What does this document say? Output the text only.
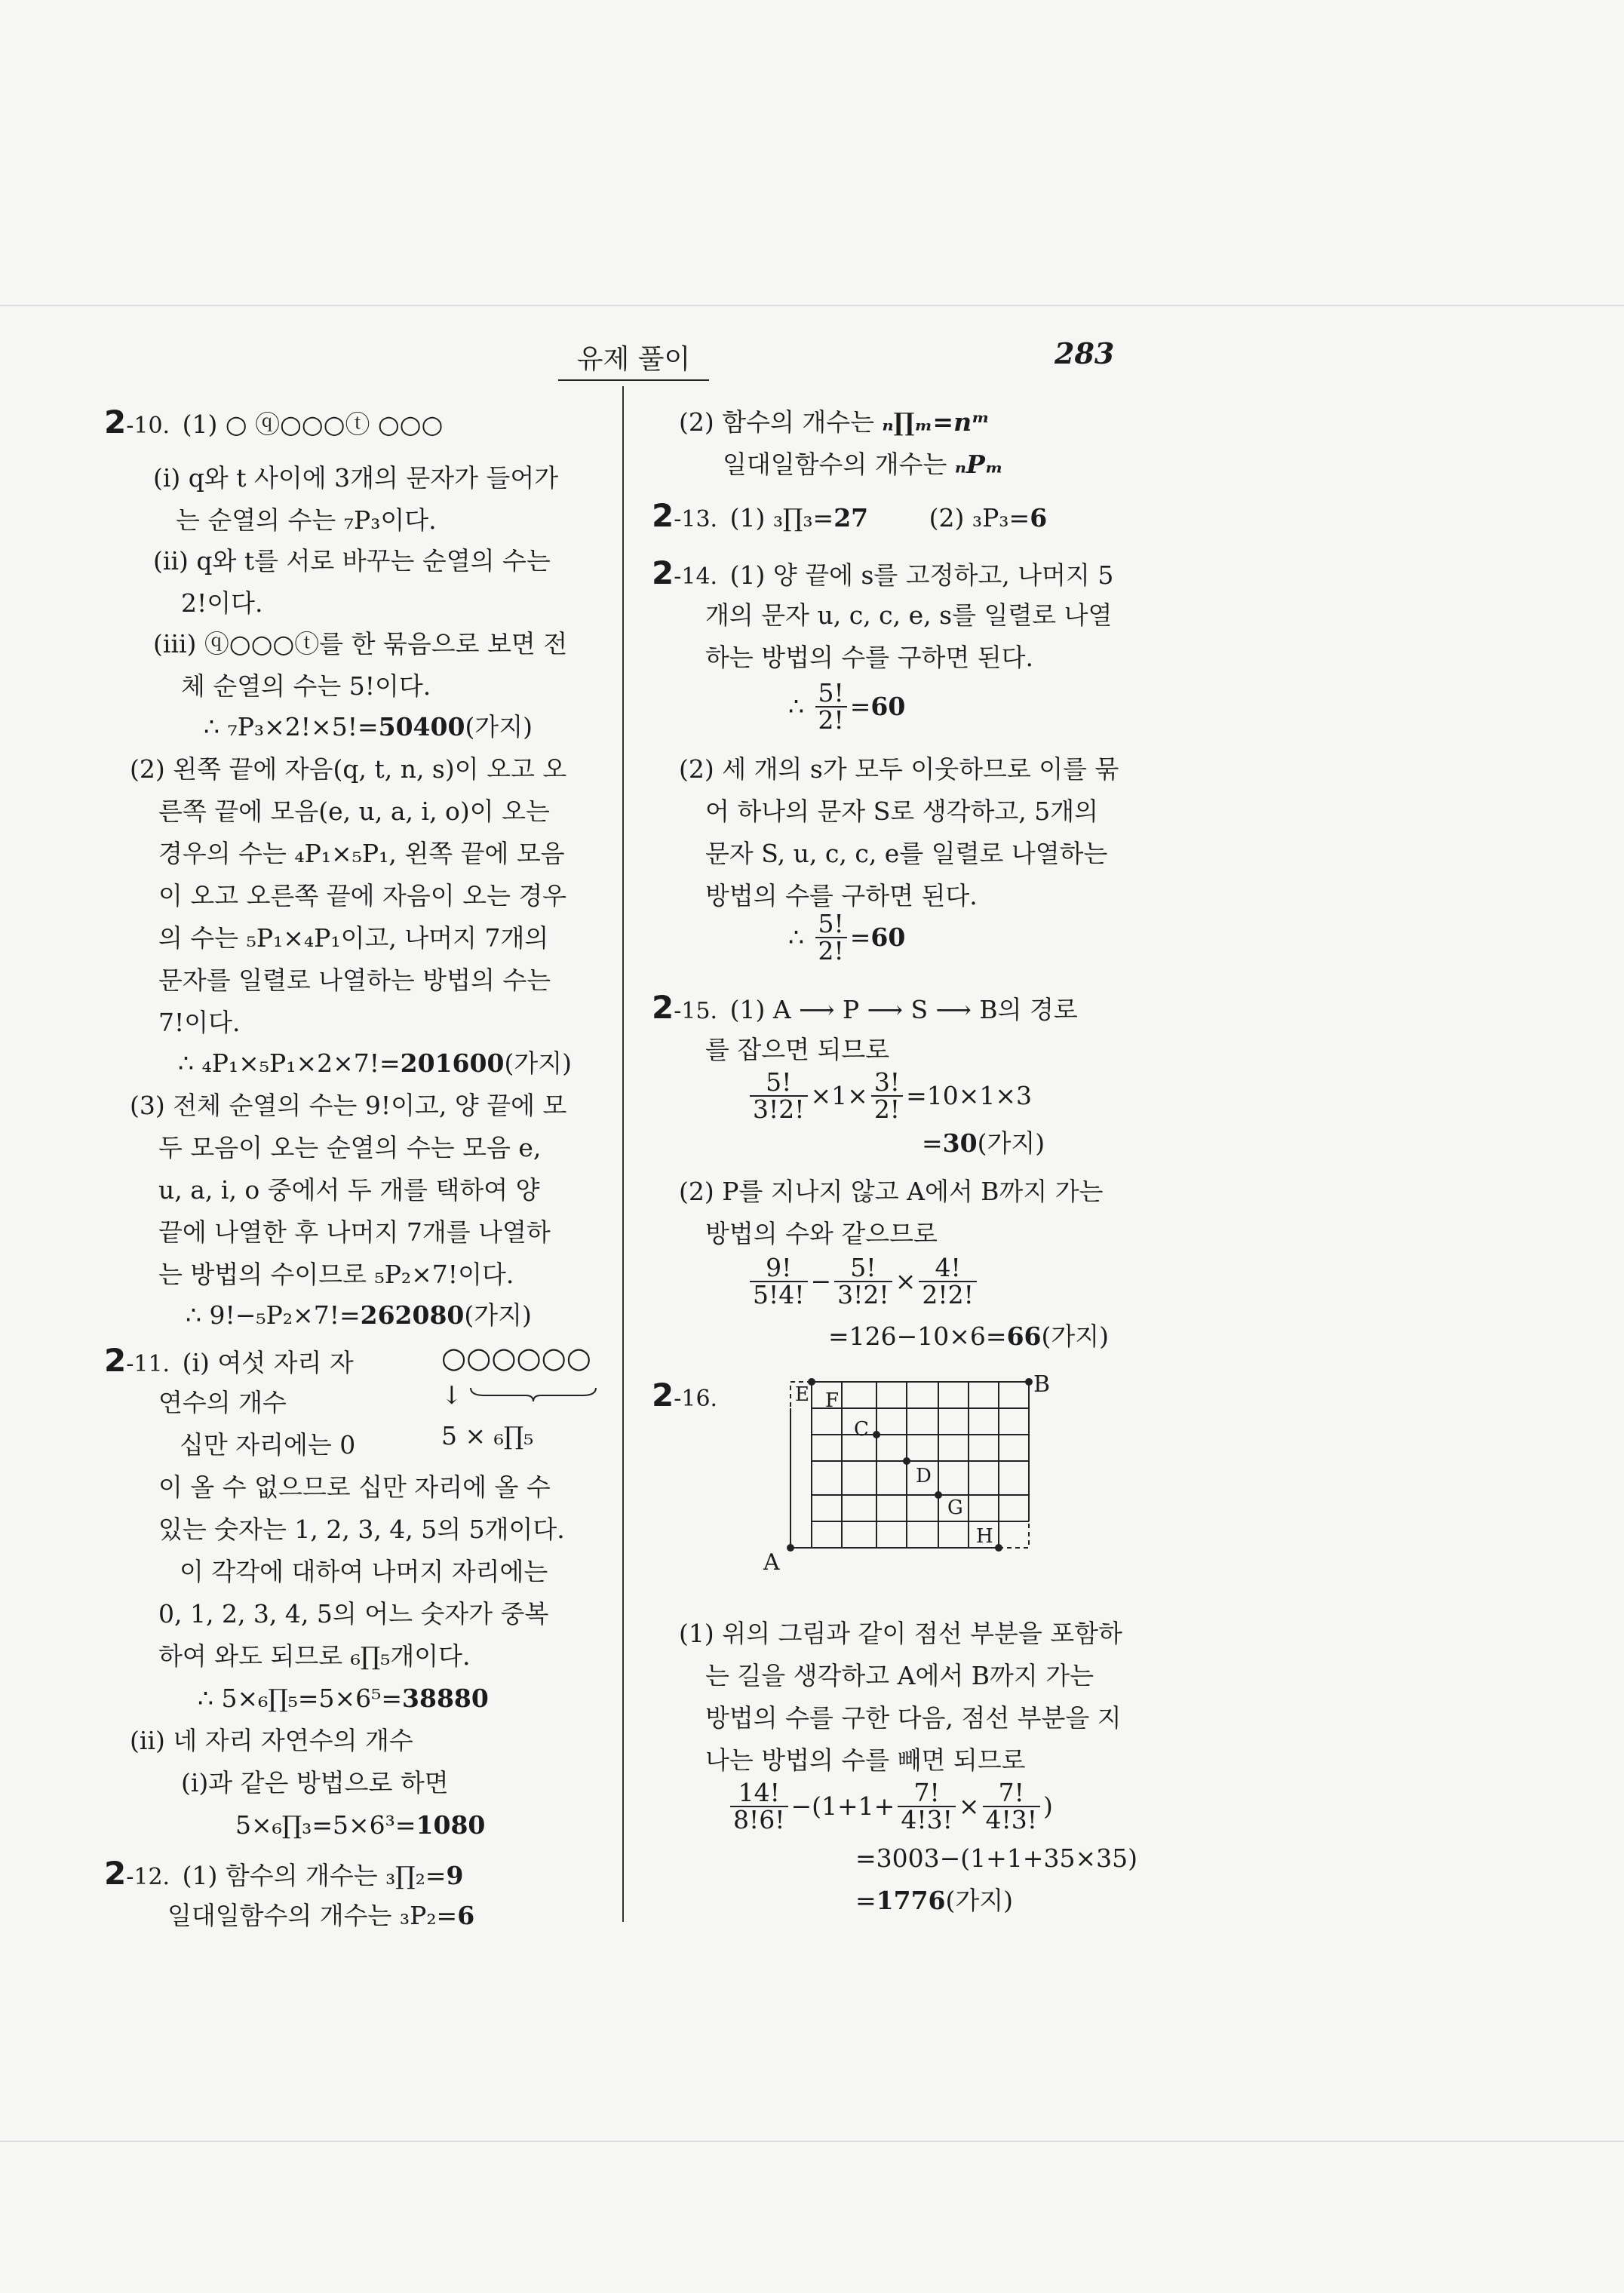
유제 풀이	283
2-10. (1) ○ ⓠ○○○ⓣ ○○○
(ⅰ) q와 t 사이에 3개의 문자가 들어가
는 순열의 수는 ₇P₃이다.
(ⅱ) q와 t를 서로 바꾸는 순열의 수는
2!이다.
(ⅲ) ⓠ○○○ⓣ를 한 묶음으로 보면 전
체 순열의 수는 5!이다.
∴ ₇P₃×2!×5!=50400(가지)
(2) 왼쪽 끝에 자음(q, t, n, s)이 오고 오
른쪽 끝에 모음(e, u, a, i, o)이 오는
경우의 수는 ₄P₁×₅P₁, 왼쪽 끝에 모음
이 오고 오른쪽 끝에 자음이 오는 경우
의 수는 ₅P₁×₄P₁이고, 나머지 7개의
문자를 일렬로 나열하는 방법의 수는
7!이다.
∴ ₄P₁×₅P₁×2×7!=201600(가지)
(3) 전체 순열의 수는 9!이고, 양 끝에 모
두 모음이 오는 순열의 수는 모음 e,
u, a, i, o 중에서 두 개를 택하여 양
끝에 나열한 후 나머지 7개를 나열하
는 방법의 수이므로 ₅P₂×7!이다.
∴ 9!−₅P₂×7!=262080(가지)
2-11. (ⅰ) 여섯 자리 자	○○○○○○
연수의 개수	↓
5 × ₆∏₅
십만 자리에는 0
이 올 수 없으므로 십만 자리에 올 수
있는 숫자는 1, 2, 3, 4, 5의 5개이다.
이 각각에 대하여 나머지 자리에는
0, 1, 2, 3, 4, 5의 어느 숫자가 중복
하여 와도 되므로 ₆∏₅개이다.
∴ 5×₆∏₅=5×6⁵=38880
(ⅱ) 네 자리 자연수의 개수
(ⅰ)과 같은 방법으로 하면
5×₆∏₃=5×6³=1080
2-12. (1) 함수의 개수는 ₃∏₂=9
일대일함수의 개수는 ₃P₂=6
(2) 함수의 개수는 ₙ∏ₘ=nᵐ
일대일함수의 개수는 ₙPₘ
2-13. (1) ₃∏₃=27 (2) ₃P₃=6
2-14. (1) 양 끝에 s를 고정하고, 나머지 5
개의 문자 u, c, c, e, s를 일렬로 나열
하는 방법의 수를 구하면 된다.
∴ $\frac{5!}{2!} =60$
(2) 세 개의 s가 모두 이웃하므로 이를 묶
어 하나의 문자 S로 생각하고, 5개의
문자 S, u, c, c, e를 일렬로 나열하는
방법의 수를 구하면 된다.
∴ $\frac{5!}{2!} =60$
2-15. (1) A ⟶ P ⟶ S ⟶ B의 경로
를 잡으면 되므로
$\frac{5!}{3!2!} \times 1\times \frac{3!}{2!} =10\times 1\times 3$
=30(가지)
(2) P를 지나지 않고 A에서 B까지 가는
방법의 수와 같으므로
$\frac{9!}{5!4!} - \frac{5!}{3!2!} \times \frac{4!}{2!2!}$
=126−10×6=66(가지)
2-16.
A
B
E F
C
D
G
H
(1) 위의 그림과 같이 점선 부분을 포함하
는 길을 생각하고 A에서 B까지 가는
방법의 수를 구한 다음, 점선 부분을 지
나는 방법의 수를 빼면 되므로
$\frac{14!}{8!6!} -(1+1+ \frac{7!}{4!3!} \times \frac{7!}{4!3!}$ )
=3003−(1+1+35×35)
=1776(가지)
